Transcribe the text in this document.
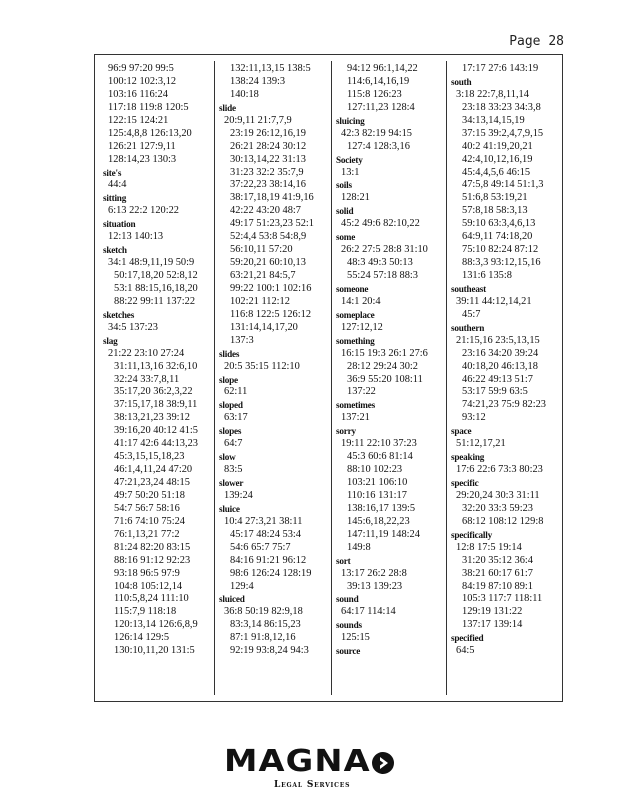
Page 28
96:9 97:20 99:5
100:12 102:3,12
103:16 116:24
117:18 119:8 120:5
122:15 124:21
125:4,8,8 126:13,20
126:21 127:9,11
128:14,23 130:3
site's
44:4
sitting
6:13 22:2 120:22
situation
12:13 140:13
sketch
34:1 48:9,11,19 50:9
50:17,18,20 52:8,12
53:1 88:15,16,18,20
88:22 99:11 137:22
sketches
34:5 137:23
slag
21:22 23:10 27:24
31:11,13,16 32:6,10
32:24 33:7,8,11
35:17,20 36:2,3,22
37:15,17,18 38:9,11
38:13,21,23 39:12
39:16,20 40:12 41:5
41:17 42:6 44:13,23
45:3,15,15,18,23
46:1,4,11,24 47:20
47:21,23,24 48:15
49:7 50:20 51:18
54:7 56:7 58:16
71:6 74:10 75:24
76:1,13,21 77:2
81:24 82:20 83:15
88:16 91:12 92:23
93:18 96:5 97:9
104:8 105:12,14
110:5,8,24 111:10
115:7,9 118:18
120:13,14 126:6,8,9
126:14 129:5
130:10,11,20 131:5
132:11,13,15 138:5
138:24 139:3
140:18
slide
20:9,11 21:7,7,9
23:19 26:12,16,19
26:21 28:24 30:12
30:13,14,22 31:13
31:23 32:2 35:7,9
37:22,23 38:14,16
38:17,18,19 41:9,16
42:22 43:20 48:7
49:17 51:23,23 52:1
52:4,4 53:8 54:8,9
56:10,11 57:20
59:20,21 60:10,13
63:21,21 84:5,7
99:22 100:1 102:16
102:21 112:12
116:8 122:5 126:12
131:14,14,17,20
137:3
slides
20:5 35:15 112:10
slope
62:11
sloped
63:17
slopes
64:7
slow
83:5
slower
139:24
sluice
10:4 27:3,21 38:11
45:17 48:24 53:4
54:6 65:7 75:7
84:16 91:21 96:12
98:6 126:24 128:19
129:4
sluiced
36:8 50:19 82:9,18
83:3,14 86:15,23
87:1 91:8,12,16
92:19 93:8,24 94:3
94:12 96:1,14,22
114:6,14,16,19
115:8 126:23
127:11,23 128:4
sluicing
42:3 82:19 94:15
127:4 128:3,16
Society
13:1
soils
128:21
solid
45:2 49:6 82:10,22
some
26:2 27:5 28:8 31:10
48:3 49:3 50:13
55:24 57:18 88:3
someone
14:1 20:4
someplace
127:12,12
something
16:15 19:3 26:1 27:6
28:12 29:24 30:2
36:9 55:20 108:11
137:22
sometimes
137:21
sorry
19:11 22:10 37:23
45:3 60:6 81:14
88:10 102:23
103:21 106:10
110:16 131:17
138:16,17 139:5
145:6,18,22,23
147:11,19 148:24
149:8
sort
13:17 26:2 28:8
39:13 139:23
sound
64:17 114:14
sounds
125:15
source
17:17 27:6 143:19
south
3:18 22:7,8,11,14
23:18 33:23 34:3,8
34:13,14,15,19
37:15 39:2,4,7,9,15
40:2 41:19,20,21
42:4,10,12,16,19
45:4,4,5,6 46:15
47:5,8 49:14 51:1,3
51:6,8 53:19,21
57:8,18 58:3,13
59:10 63:3,4,6,13
64:9,11 74:18,20
75:10 82:24 87:12
88:3,3 93:12,15,16
131:6 135:8
southeast
39:11 44:12,14,21
45:7
southern
21:15,16 23:5,13,15
23:16 34:20 39:24
40:18,20 46:13,18
46:22 49:13 51:7
53:17 59:9 63:5
74:21,23 75:9 82:23
93:12
space
51:12,17,21
speaking
17:6 22:6 73:3 80:23
specific
29:20,24 30:3 31:11
32:20 33:3 59:23
68:12 108:12 129:8
specifically
12:8 17:5 19:14
31:20 35:12 36:4
38:21 60:17 61:7
84:19 87:10 89:1
105:3 117:7 118:11
129:19 131:22
137:17 139:14
specified
64:5
MAGNA
Legal Services
